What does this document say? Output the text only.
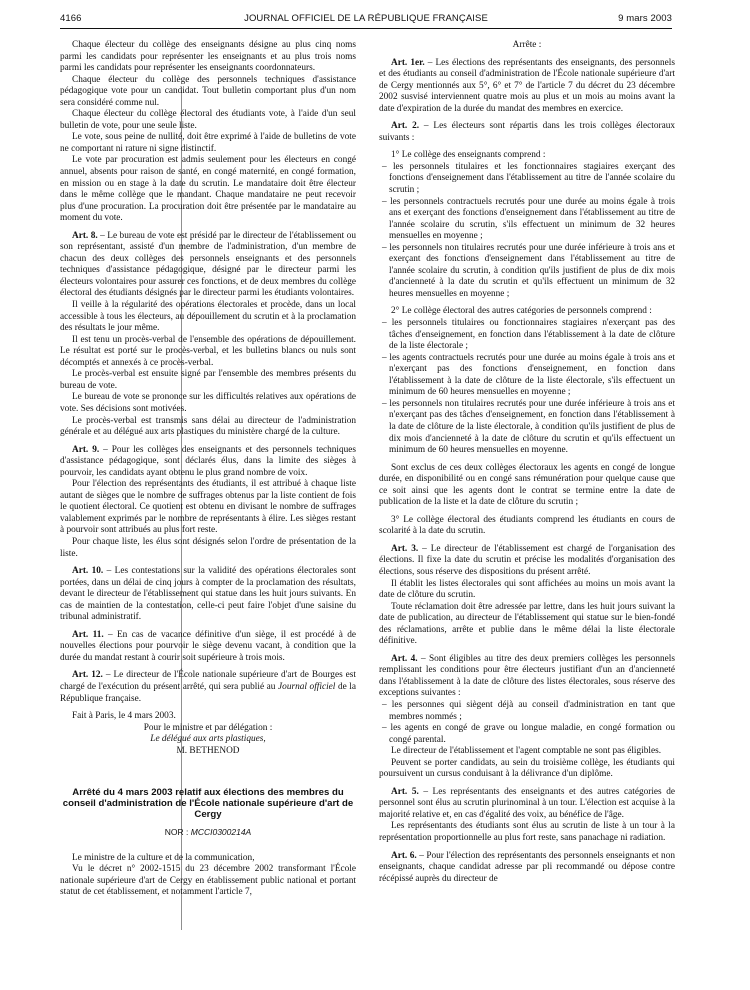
4166	JOURNAL OFFICIEL DE LA RÉPUBLIQUE FRANÇAISE	9 mars 2003

Chaque électeur du collège des enseignants désigne au plus cinq noms parmi les candidats pour représenter les enseignants et au plus trois noms parmi les candidats pour représenter les enseignants coordonnateurs.

Chaque électeur du collège des personnels techniques d'assistance pédagogique vote pour un candidat. Tout bulletin comportant plus d'un nom sera considéré comme nul.

Chaque électeur du collège électoral des étudiants vote, à l'aide d'un seul bulletin de vote, pour une seule liste.

Le vote, sous peine de nullité, doit être exprimé à l'aide de bulletins de vote ne comportant ni rature ni signe distinctif.

Le vote par procuration est admis seulement pour les électeurs en congé annuel, absents pour raison de santé, en congé maternité, en congé formation, en mission ou en stage à la date du scrutin. Le mandataire doit être électeur dans le même collège que le mandant. Chaque mandataire ne peut recevoir plus d'une procuration. La procuration doit être présentée par le mandataire au moment du vote.

Art. 8. – Le bureau de vote est présidé par le directeur de l'établissement ou son représentant, assisté d'un membre de l'administration, d'un membre de chacun des deux collèges des personnels enseignants et des personnels techniques d'assistance pédagogique, désigné par le directeur parmi les électeurs volontaires pour assurer ces fonctions, et de deux membres du collège électoral des étudiants désignés par le directeur parmi les étudiants volontaires.

Il veille à la régularité des opérations électorales et procède, dans un local accessible à tous les électeurs, au dépouillement du scrutin et à la proclamation des résultats le jour même.

Il est tenu un procès-verbal de l'ensemble des opérations de dépouillement. Le résultat est porté sur le procès-verbal, et les bulletins blancs ou nuls sont décomptés et annexés à ce procès-verbal.

Le procès-verbal est ensuite signé par l'ensemble des membres présents du bureau de vote.

Le bureau de vote se prononce sur les difficultés relatives aux opérations de vote. Ses décisions sont motivées.

Le procès-verbal est transmis sans délai au directeur de l'administration générale et au délégué aux arts plastiques du ministère chargé de la culture.

Art. 9. – Pour les collèges des enseignants et des personnels techniques d'assistance pédagogique, sont déclarés élus, dans la limite des sièges à pourvoir, les candidats ayant obtenu le plus grand nombre de voix.

Pour l'élection des représentants des étudiants, il est attribué à chaque liste autant de sièges que le nombre de suffrages obtenus par la liste contient de fois le quotient électoral. Ce quotient est obtenu en divisant le nombre de suffrages valablement exprimés par le nombre de représentants à élire. Les sièges restant à pourvoir sont attribués au plus fort reste.

Pour chaque liste, les élus sont désignés selon l'ordre de présentation de la liste.

Art. 10. – Les contestations sur la validité des opérations électorales sont portées, dans un délai de cinq jours à compter de la proclamation des résultats, devant le directeur de l'établissement qui statue dans les huit jours suivants. En cas de maintien de la contestation, celle-ci peut faire l'objet d'une saisine du tribunal administratif.

Art. 11. – En cas de vacance définitive d'un siège, il est procédé à de nouvelles élections pour pourvoir le siège devenu vacant, à condition que la durée du mandat restant à courir soit supérieure à trois mois.

Art. 12. – Le directeur de l'École nationale supérieure d'art de Bourges est chargé de l'exécution du présent arrêté, qui sera publié au Journal officiel de la République française.

Fait à Paris, le 4 mars 2003.

Pour le ministre et par délégation :

Le délégué aux arts plastiques,

M. BETHENOD

Arrêté du 4 mars 2003 relatif aux élections des membres du conseil d'administration de l'École nationale supérieure d'art de Cergy

NOR : MCCI0300214A

Le ministre de la culture et de la communication,

Vu le décret n° 2002-1515 du 23 décembre 2002 transformant l'École nationale supérieure d'art de Cergy en établissement public national et portant statut de cet établissement, et notamment l'article 7,

Arrête :

Art. 1er. – Les élections des représentants des enseignants, des personnels et des étudiants au conseil d'administration de l'École nationale supérieure d'art de Cergy mentionnés aux 5°, 6° et 7° de l'article 7 du décret du 23 décembre 2002 susvisé interviennent quatre mois au plus et un mois au moins avant la date d'expiration de la durée du mandat des membres en exercice.

Art. 2. – Les électeurs sont répartis dans les trois collèges électoraux suivants :

1° Le collège des enseignants comprend :

– les personnels titulaires et les fonctionnaires stagiaires exerçant des fonctions d'enseignement dans l'établissement au titre de l'année scolaire du scrutin ;
– les personnels contractuels recrutés pour une durée au moins égale à trois ans et exerçant des fonctions d'enseignement dans l'établissement au titre de l'année scolaire du scrutin, s'ils effectuent un minimum de 32 heures mensuelles en moyenne ;
– les personnels non titulaires recrutés pour une durée inférieure à trois ans et exerçant des fonctions d'enseignement dans l'établissement au titre de l'année scolaire du scrutin, à condition qu'ils justifient de plus de dix mois d'ancienneté à la date du scrutin et qu'ils effectuent un minimum de 32 heures mensuelles en moyenne ;

2° Le collège électoral des autres catégories de personnels comprend :

– les personnels titulaires ou fonctionnaires stagiaires n'exerçant pas des tâches d'enseignement, en fonction dans l'établissement à la date de clôture de la liste électorale ;
– les agents contractuels recrutés pour une durée au moins égale à trois ans et n'exerçant pas des fonctions d'enseignement, en fonction dans l'établissement à la date de clôture de la liste électorale, s'ils effectuent un minimum de 60 heures mensuelles en moyenne ;
– les personnels non titulaires recrutés pour une durée inférieure à trois ans et n'exerçant pas des tâches d'enseignement, en fonction dans l'établissement à la date de clôture de la liste électorale, à condition qu'ils justifient de plus de dix mois d'ancienneté à la date de clôture du scrutin et qu'ils effectuent un minimum de 60 heures mensuelles en moyenne.

Sont exclus de ces deux collèges électoraux les agents en congé de longue durée, en disponibilité ou en congé sans rémunération pour quelque cause que ce soit ainsi que les agents dont le contrat se termine entre la date de publication de la liste et la date de clôture du scrutin ;

3° Le collège électoral des étudiants comprend les étudiants en cours de scolarité à la date du scrutin.

Art. 3. – Le directeur de l'établissement est chargé de l'organisation des élections. Il fixe la date du scrutin et précise les modalités d'organisation des élections, sous réserve des dispositions du présent arrêté.

Il établit les listes électorales qui sont affichées au moins un mois avant la date de clôture du scrutin.

Toute réclamation doit être adressée par lettre, dans les huit jours suivant la date de publication, au directeur de l'établissement qui statue sur le bien-fondé des réclamations, arrête et publie dans le même délai la liste électorale définitive.

Art. 4. – Sont éligibles au titre des deux premiers collèges les personnels remplissant les conditions pour être électeurs justifiant d'un an d'ancienneté dans l'établissement à la date de clôture des listes électorales, sous réserve des exceptions suivantes :

– les personnes qui siègent déjà au conseil d'administration en tant que membres nommés ;
– les agents en congé de grave ou longue maladie, en congé formation ou congé parental.

Le directeur de l'établissement et l'agent comptable ne sont pas éligibles.

Peuvent se porter candidats, au sein du troisième collège, les étudiants qui poursuivent un cursus conduisant à la délivrance d'un diplôme.

Art. 5. – Les représentants des enseignants et des autres catégories de personnel sont élus au scrutin plurinominal à un tour. L'élection est acquise à la majorité relative et, en cas d'égalité des voix, au bénéfice de l'âge.

Les représentants des étudiants sont élus au scrutin de liste à un tour à la représentation proportionnelle au plus fort reste, sans panachage ni radiation.

Art. 6. – Pour l'élection des représentants des personnels enseignants et non enseignants, chaque candidat adresse par pli recommandé ou dépose contre récépissé auprès du directeur de
